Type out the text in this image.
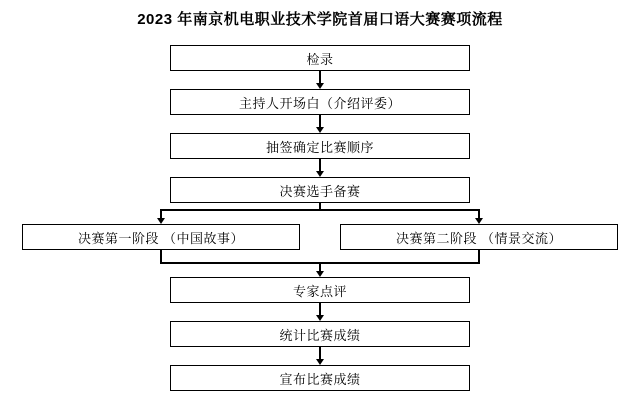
2023 年南京机电职业技术学院首届口语大赛赛项流程
检录
主持人开场白（介绍评委）
抽签确定比赛顺序
决赛选手备赛
决赛第一阶段 （中国故事）	决赛第二阶段 （情景交流）
专家点评
统计比赛成绩
宣布比赛成绩
